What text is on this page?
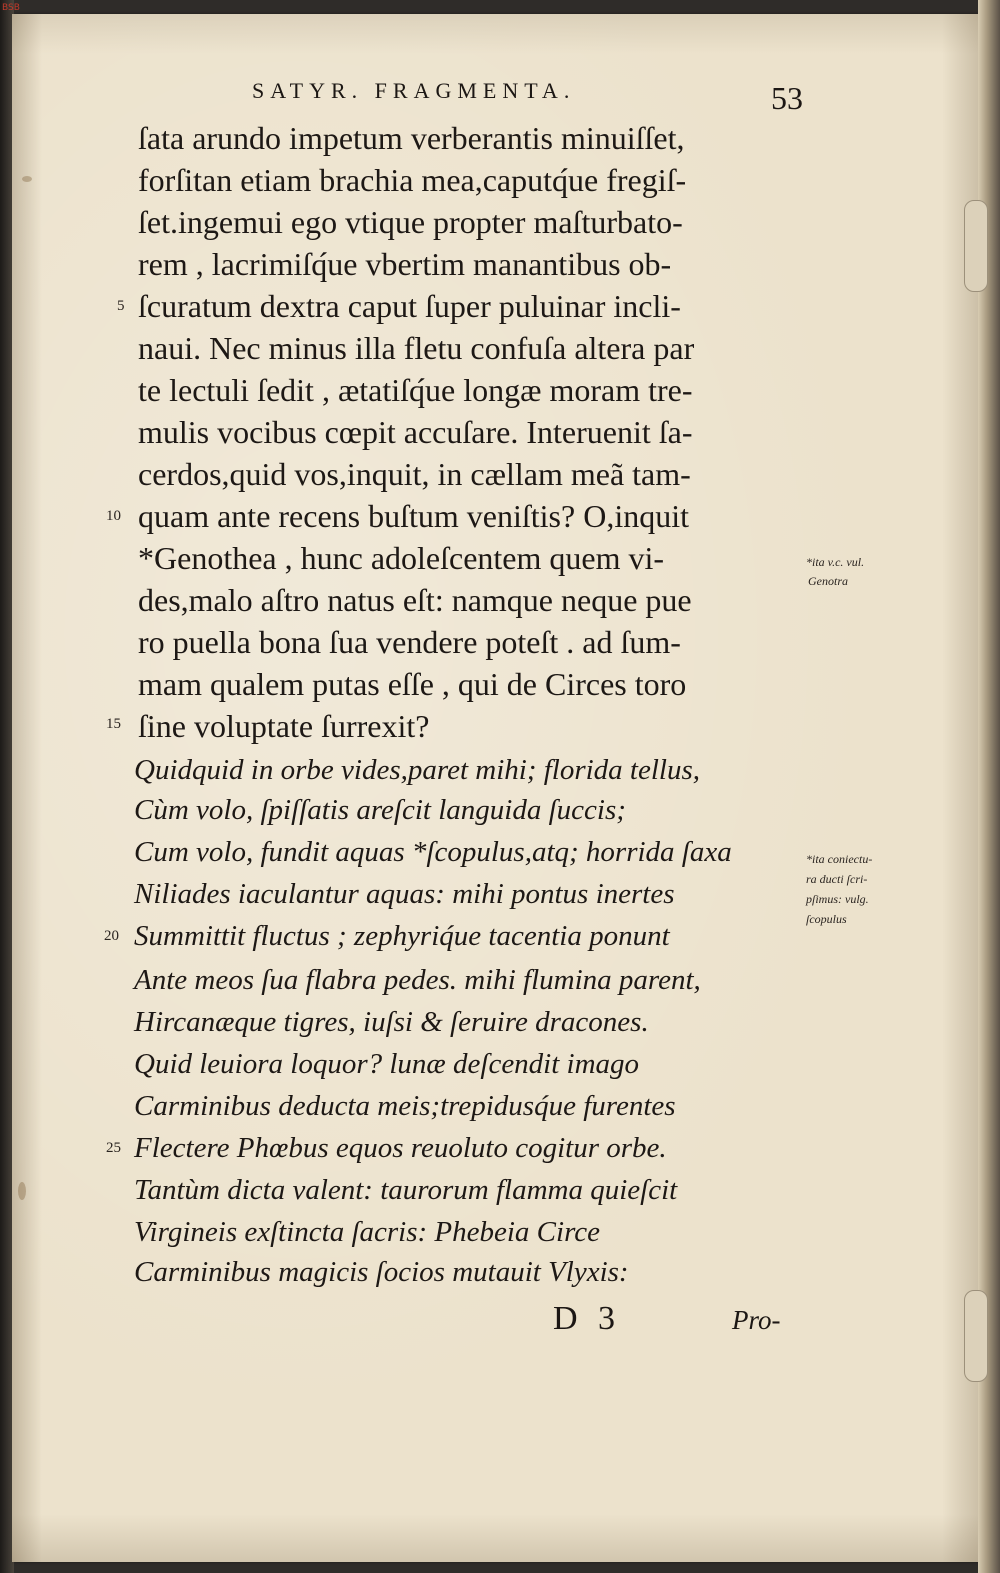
BSB
SATYR. FRAGMENTA.	53
ſata arundo impetum verberantis minuiſſet,
forſitan etiam brachia mea,caputq́ue fregiſ-
ſet.ingemui ego vtique propter maſturbato-
rem , lacrimiſq́ue vbertim manantibus ob-
ſcuratum dextra caput ſuper puluinar incli-
naui. Nec minus illa fletu confuſa altera par
te lectuli ſedit , ætatiſq́ue longæ moram tre-
mulis vocibus cœpit accuſare. Interuenit ſa-
cerdos,quid vos,inquit, in cællam meã tam-
quam ante recens buſtum veniſtis? O,inquit
*Genothea , hunc adoleſcentem quem vi-
des,malo aſtro natus eſt: namque neque pue
ro puella bona ſua vendere poteſt . ad ſum-
mam qualem putas eſſe , qui de Circes toro
ſine voluptate ſurrexit?
Quidquid in orbe vides,paret mihi; florida tellus,
Cùm volo, ſpiſſatis areſcit languida ſuccis;
Cum volo, fundit aquas *ſcopulus,atq; horrida ſaxa
Niliades iaculantur aquas: mihi pontus inertes
Summittit fluctus ; zephyriq́ue tacentia ponunt
Ante meos ſua flabra pedes. mihi flumina parent,
Hircanæque tigres, iuſsi & ſeruire dracones.
Quid leuiora loquor? lunæ deſcendit imago
Carminibus deducta meis;trepidusq́ue furentes
Flectere Phœbus equos reuoluto cogitur orbe.
Tantùm dicta valent: taurorum flamma quieſcit
Virgineis exſtincta ſacris: Phebeia Circe
Carminibus magicis ſocios mutauit Vlyxis:
5
10
15
20
25
*ita v.c. vul.
Genotra
*ita coniectu-
ra ducti ſcri-
pſimus: vulg.
ſcopulus
D 3	Pro-
